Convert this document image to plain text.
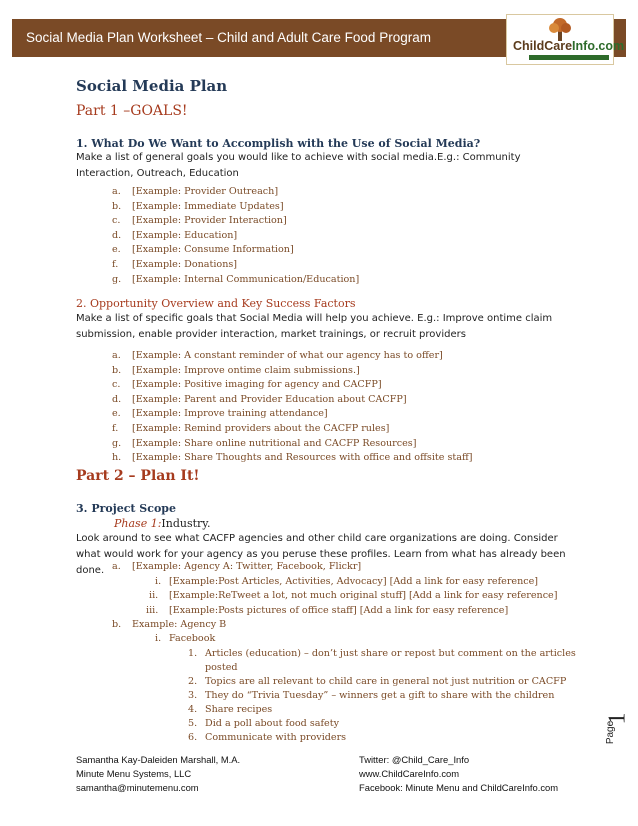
Social Media Plan Worksheet – Child and Adult Care Food Program
ChildCareInfo.com
Social Media Plan
Part 1 –GOALS!
1. What Do We Want to Accomplish with the Use of Social Media?
Make a list of general goals you would like to achieve with social media.E.g.: Community Interaction, Outreach, Education
a.	[Example: Provider Outreach]
b.	[Example: Immediate Updates]
c.	[Example: Provider Interaction]
d.	[Example: Education]
e.	[Example: Consume Information]
f.	[Example: Donations]
g.	[Example: Internal Communication/Education]
2. Opportunity Overview and Key Success Factors
Make a list of specific goals that Social Media will help you achieve. E.g.: Improve ontime claim submission, enable provider interaction, market trainings, or recruit providers
a.	[Example: A constant reminder of what our agency has to offer]
b.	[Example: Improve ontime claim submissions.]
c.	[Example: Positive imaging for agency and CACFP]
d.	[Example: Parent and Provider Education about CACFP]
e.	[Example: Improve training attendance]
f.	[Example: Remind providers about the CACFP rules]
g.	[Example: Share online nutritional and CACFP Resources]
h.	[Example: Share Thoughts and Resources with office and offsite staff]
Part 2 – Plan It!
3. Project Scope
Phase 1:Industry.
Look around to see what CACFP agencies and other child care organizations are doing. Consider what would work for your agency as you peruse these profiles. Learn from what has already been done. a. [Example: Agency A: Twitter, Facebook, Flickr]
i. [Example:Post Articles, Activities, Advocacy] [Add a link for easy reference]
ii. [Example:ReTweet a lot, not much original stuff] [Add a link for easy reference]
iii. [Example:Posts pictures of office staff] [Add a link for easy reference]
b. Example: Agency B
i. Facebook
1. Articles (education) – don’t just share or repost but comment on the articles
posted
2. Topics are all relevant to child care in general not just nutrition or CACFP
3. They do “Trivia Tuesday” – winners get a gift to share with the children
4. Share recipes
5. Did a poll about food safety
6. Communicate with providers
1
Page
Samantha Kay-Daleiden Marshall, M.A.
Minute Menu Systems, LLC
samantha@minutemenu.com
Twitter: @Child_Care_Info
www.ChildCareInfo.com
Facebook: Minute Menu and ChildCareInfo.com
